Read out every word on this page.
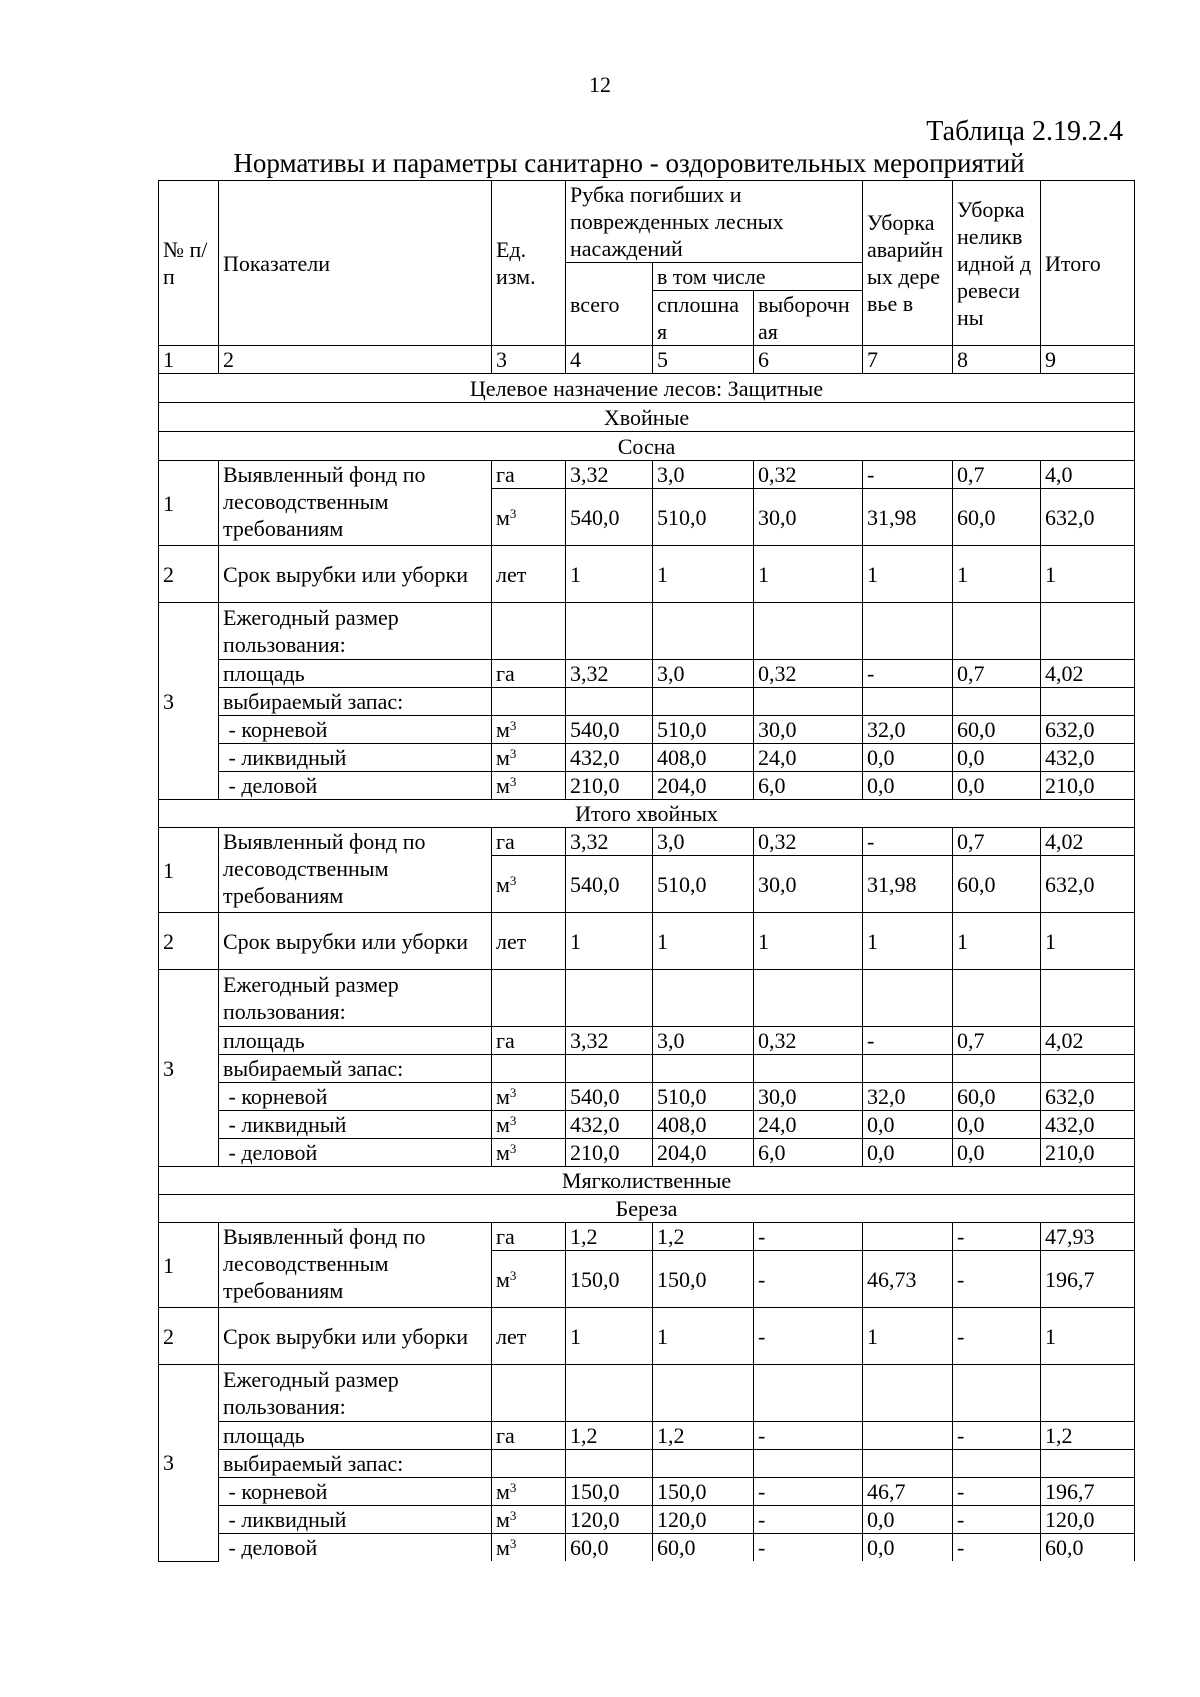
12
Таблица 2.19.2.4
Нормативы и параметры санитарно - оздоровительных мероприятий
№ п/п	Показатели	Ед. изм.	Рубка погибших и поврежденных лесных насаждений			Уборка аварийн ых деревье в	Уборка неликв идной древеси ны	Итого
			всего	в том числе				
				сплошна я	выборочн ая			
1	2	3	4	5	6	7	8	9
Целевое назначение лесов: Защитные								
Хвойные								
Сосна								
1	Выявленный фонд по лесоводственным требованиям	га	3,32	3,0	0,32	-	0,7	4,0
		$м^3$	540,0	510,0	30,0	31,98	60,0	632,0
2	Срок вырубки или уборки	лет	1	1	1	1	1	1
3	Ежегодный размер пользования:							
	площадь	га	3,32	3,0	0,32	-	0,7	4,02
	выбираемый запас:							
	- корневой	$м^3$	540,0	510,0	30,0	32,0	60,0	632,0
	- ликвидный	$м^3$	432,0	408,0	24,0	0,0	0,0	432,0
	- деловой	$м^3$	210,0	204,0	6,0	0,0	0,0	210,0
Итого хвойных								
1	Выявленный фонд по лесоводственным требованиям	га	3,32	3,0	0,32	-	0,7	4,02
		$м^3$	540,0	510,0	30,0	31,98	60,0	632,0
2	Срок вырубки или уборки	лет	1	1	1	1	1	1
3	Ежегодный размер пользования:							
	площадь	га	3,32	3,0	0,32	-	0,7	4,02
	выбираемый запас:							
	- корневой	$м^3$	540,0	510,0	30,0	32,0	60,0	632,0
	- ликвидный	$м^3$	432,0	408,0	24,0	0,0	0,0	432,0
	- деловой	$м^3$	210,0	204,0	6,0	0,0	0,0	210,0
Мягколиственные								
Береза								
1	Выявленный фонд по лесоводственным требованиям	га	1,2	1,2	-		-	47,93
		$м^3$	150,0	150,0	-	46,73	-	196,7
2	Срок вырубки или уборки	лет	1	1	-	1	-	1
3	Ежегодный размер пользования:							
	площадь	га	1,2	1,2	-		-	1,2
	выбираемый запас:							
	- корневой	$м^3$	150,0	150,0	-	46,7	-	196,7
	- ликвидный	$м^3$	120,0	120,0	-	0,0	-	120,0
	- деловой	$м^3$	60,0	60,0	-	0,0	-	60,0
